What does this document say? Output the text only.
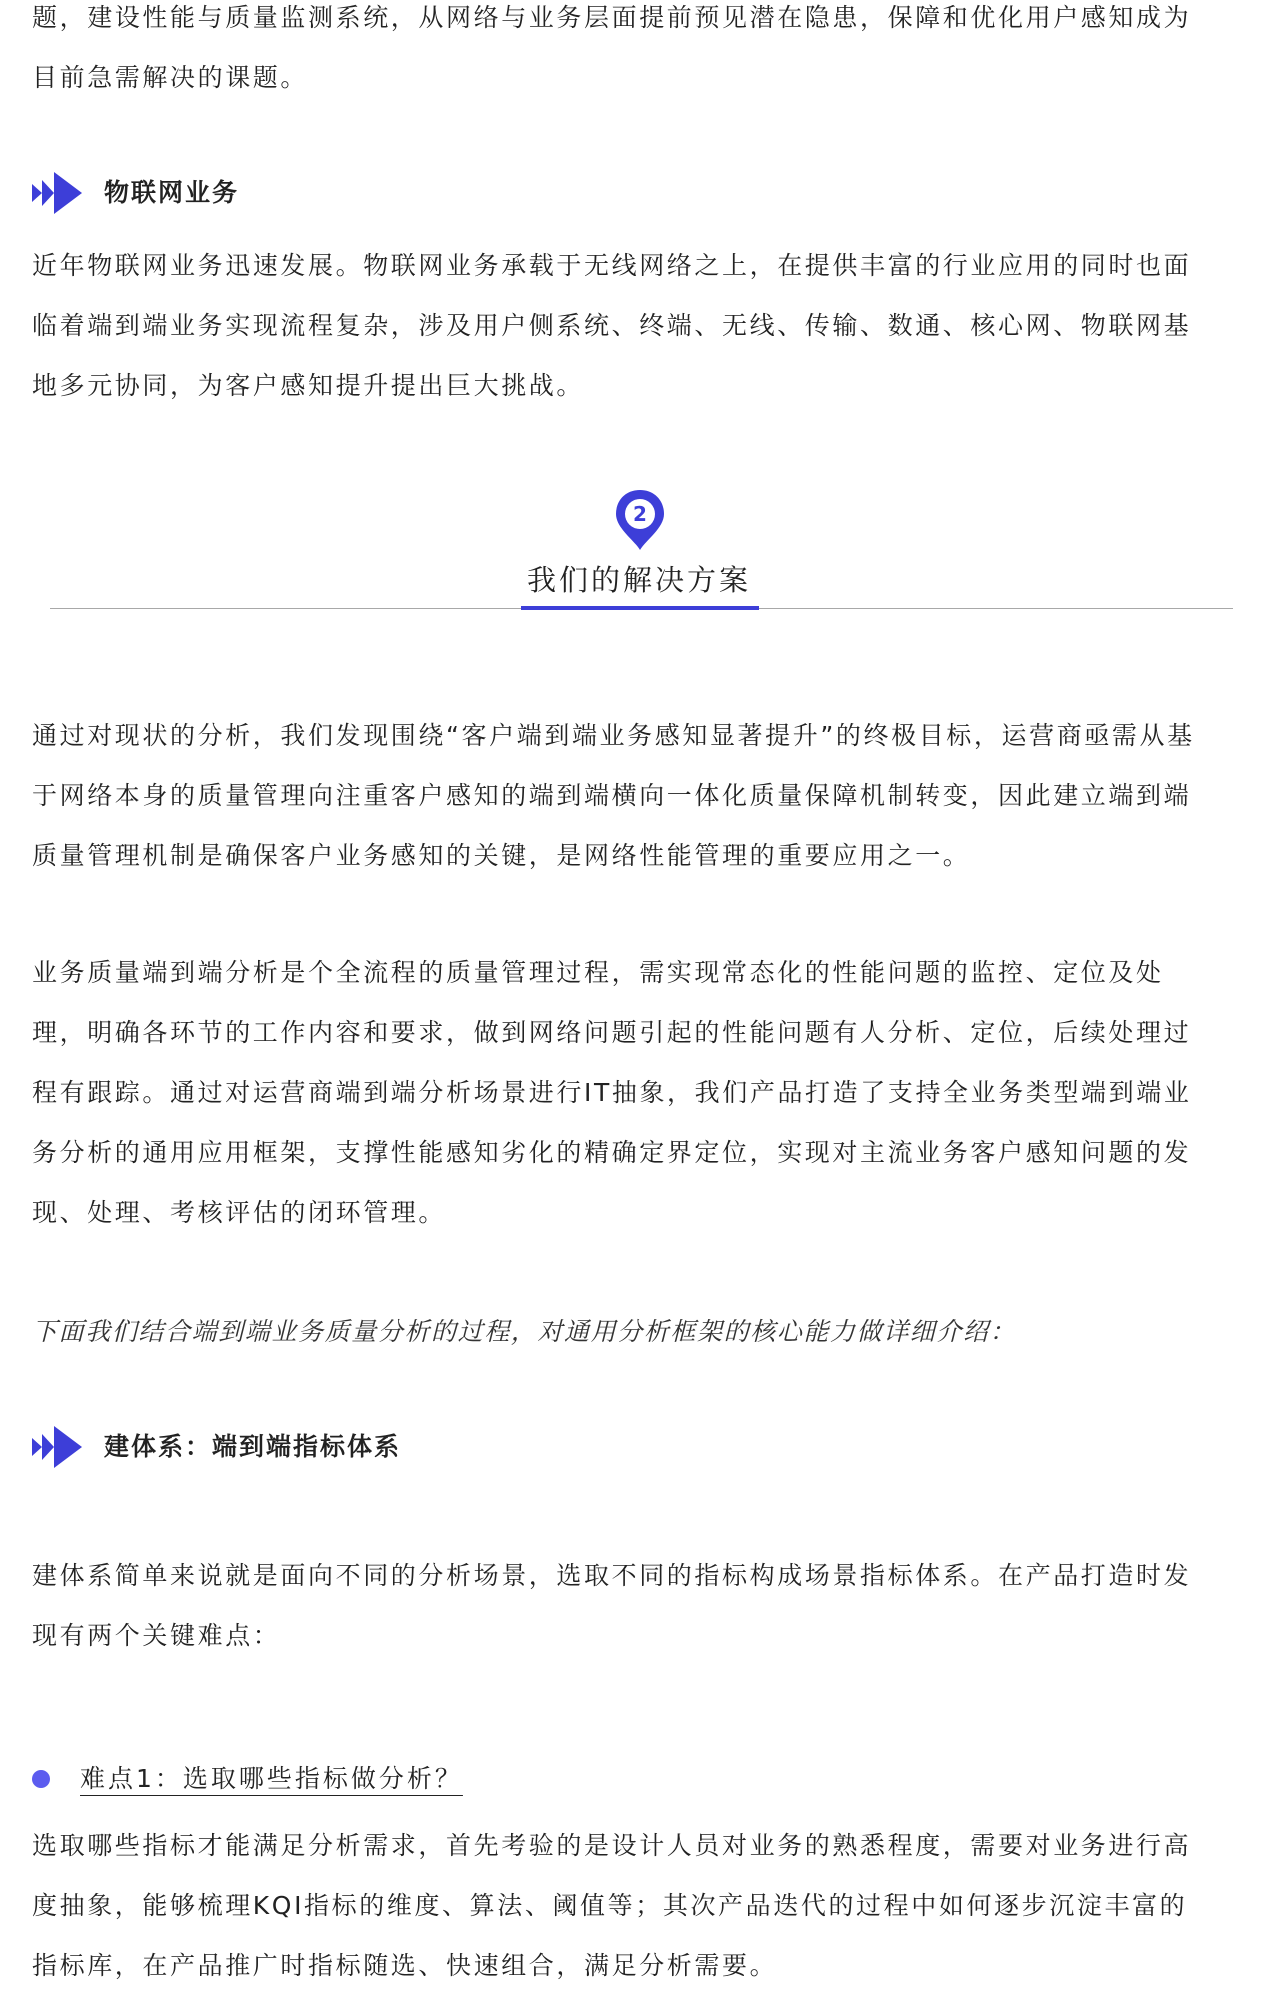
题，建设性能与质量监测系统，从网络与业务层面提前预见潜在隐患，保障和优化用户感知成为
目前急需解决的课题。
物联网业务
近年物联网业务迅速发展。物联网业务承载于无线网络之上，在提供丰富的行业应用的同时也面
临着端到端业务实现流程复杂，涉及用户侧系统、终端、无线、传输、数通、核心网、物联网基
地多元协同，为客户感知提升提出巨大挑战。
2
我们的解决方案
通过对现状的分析，我们发现围绕“客户端到端业务感知显著提升”的终极目标，运营商亟需从基
于网络本身的质量管理向注重客户感知的端到端横向一体化质量保障机制转变，因此建立端到端
质量管理机制是确保客户业务感知的关键，是网络性能管理的重要应用之一。
业务质量端到端分析是个全流程的质量管理过程，需实现常态化的性能问题的监控、定位及处
理，明确各环节的工作内容和要求，做到网络问题引起的性能问题有人分析、定位，后续处理过
程有跟踪。通过对运营商端到端分析场景进行IT抽象，我们产品打造了支持全业务类型端到端业
务分析的通用应用框架，支撑性能感知劣化的精确定界定位，实现对主流业务客户感知问题的发
现、处理、考核评估的闭环管理。
下面我们结合端到端业务质量分析的过程，对通用分析框架的核心能力做详细介绍：
建体系：端到端指标体系
建体系简单来说就是面向不同的分析场景，选取不同的指标构成场景指标体系。在产品打造时发
现有两个关键难点：
难点1：选取哪些指标做分析？
选取哪些指标才能满足分析需求，首先考验的是设计人员对业务的熟悉程度，需要对业务进行高
度抽象，能够梳理KQI指标的维度、算法、阈值等；其次产品迭代的过程中如何逐步沉淀丰富的
指标库，在产品推广时指标随选、快速组合，满足分析需要。
